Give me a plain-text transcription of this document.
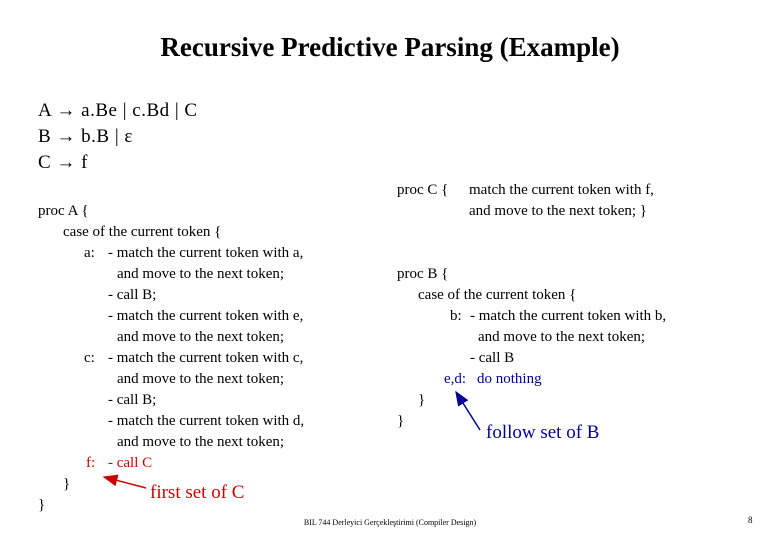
Recursive Predictive Parsing (Example)
A → a.Be | c.Bd | C
B → b.B | ε
C → f
proc A {
case of the current token {
a: - match the current token with a,
and move to the next token;
- call B;
- match the current token with e,
and move to the next token;
c: - match the current token with c,
and move to the next token;
- call B;
- match the current token with d,
and move to the next token;
f: - call C
}
}
proc C { match the current token with f,
and move to the next token; }
proc B {
case of the current token {
b: - match the current token with b,
and move to the next token;
- call B
e,d: do nothing
}
}
first set of C
follow set of B
BIL 744 Derleyici Gerçekleştirimi (Compiler Design)	8
